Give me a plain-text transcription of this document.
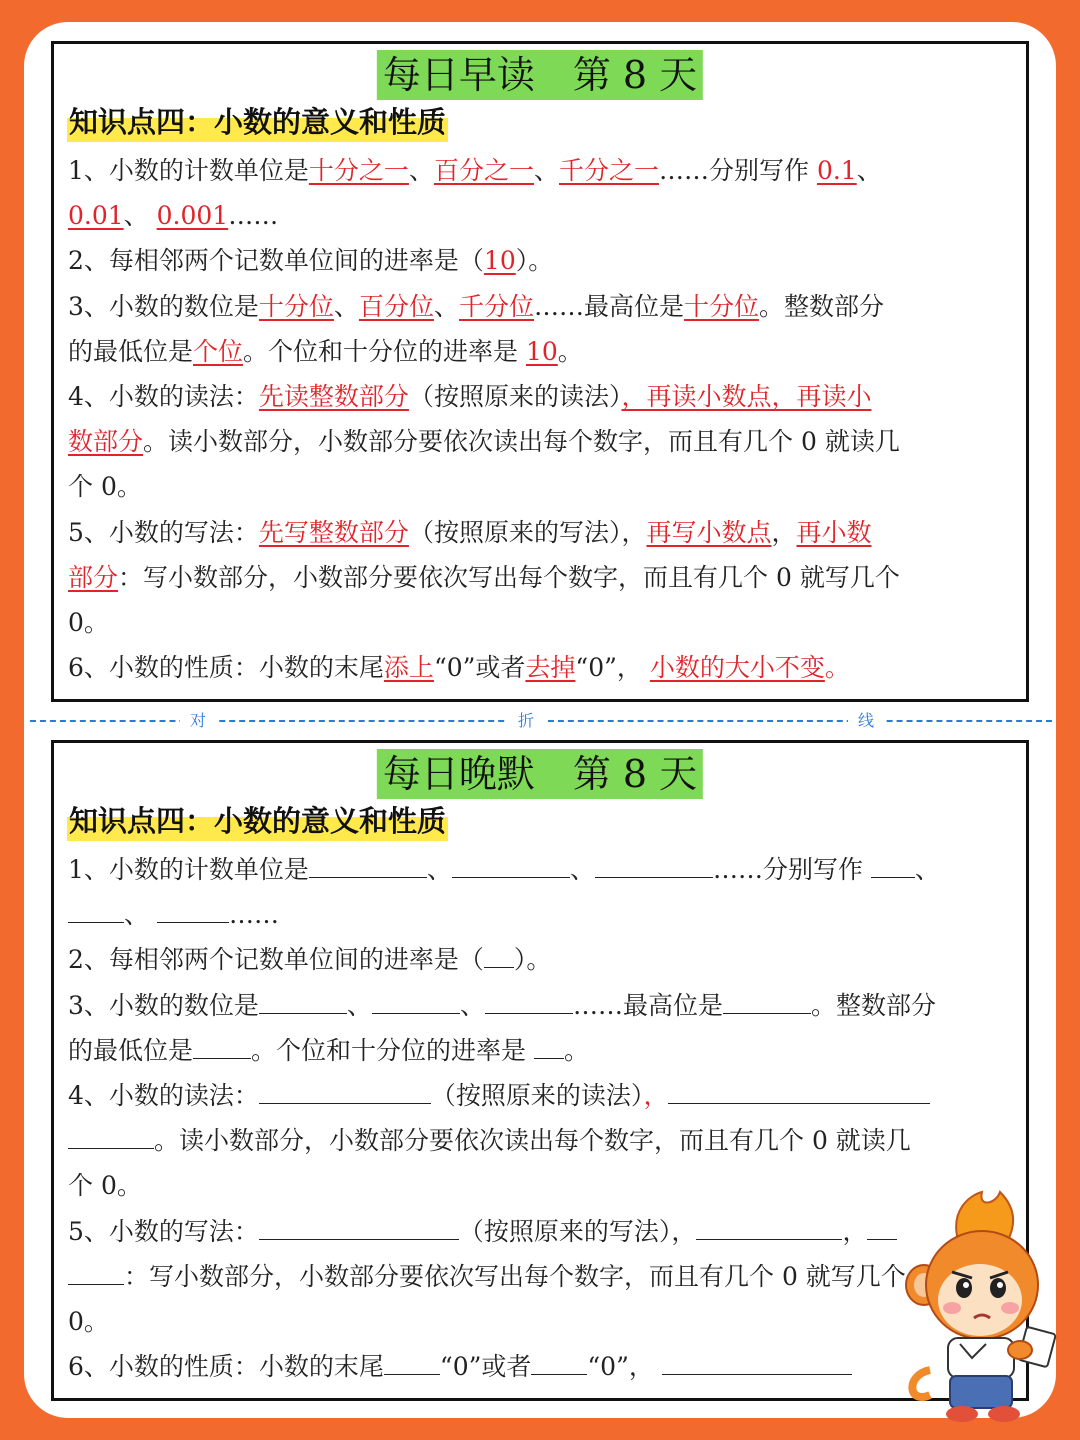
每日早读　第 8 天
知识点四：小数的意义和性质
1、小数的计数单位是十分之一、百分之一、千分之一……分别写作 0.1、
0.01、 0.001……
2、每相邻两个记数单位间的进率是（10）。
3、小数的数位是十分位、百分位、千分位……最高位是十分位。整数部分
的最低位是个位。个位和十分位的进率是 10。
4、小数的读法：先读整数部分（按照原来的读法），再读小数点，再读小
数部分。读小数部分，小数部分要依次读出每个数字，而且有几个 0 就读几
个 0。
5、小数的写法：先写整数部分（按照原来的写法），再写小数点，再小数
部分：写小数部分，小数部分要依次写出每个数字，而且有几个 0 就写几个
0。
6、小数的性质：小数的末尾添上“0”或者去掉“0”， 小数的大小不变。
对	折	线
每日晚默　第 8 天
知识点四：小数的意义和性质
1、小数的计数单位是	、	、	……分别写作 、
、	……
2、每相邻两个记数单位间的进率是（ ）。
3、小数的数位是	、	、	……最高位是	。整数部分
的最低位是 。个位和十分位的进率是 。
4、小数的读法：	（按照原来的读法），
。读小数部分，小数部分要依次读出每个数字，而且有几个 0 就读几
个 0。
5、小数的写法：	（按照原来的写法），	，
：写小数部分，小数部分要依次写出每个数字，而且有几个 0 就写几个
0。
6、小数的性质：小数的末尾 “0”或者 “0”，
